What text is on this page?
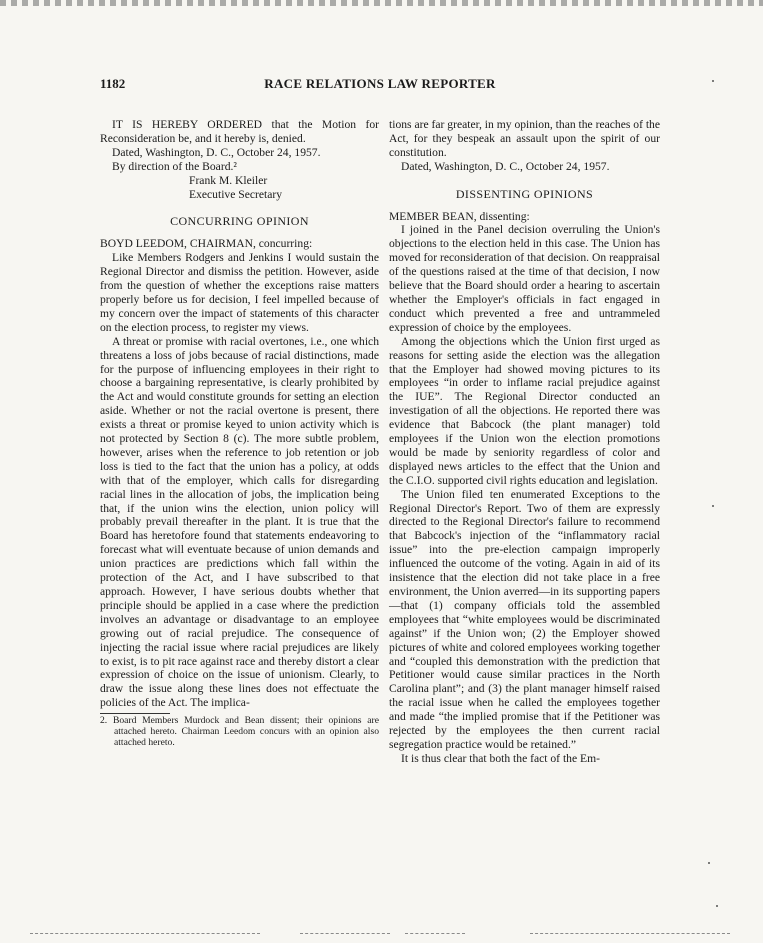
1182	RACE RELATIONS LAW REPORTER

IT IS HEREBY ORDERED that the Motion for Reconsideration be, and it hereby is, denied.

Dated, Washington, D. C., October 24, 1957.

By direction of the Board.²

Frank M. Kleiler

Executive Secretary

CONCURRING OPINION

BOYD LEEDOM, CHAIRMAN, concurring:

Like Members Rodgers and Jenkins I would sustain the Regional Director and dismiss the petition. However, aside from the question of whether the exceptions raise matters properly before us for decision, I feel impelled because of my concern over the impact of statements of this character on the election process, to register my views.

A threat or promise with racial overtones, i.e., one which threatens a loss of jobs because of racial distinctions, made for the purpose of influencing employees in their right to choose a bargaining representative, is clearly prohibited by the Act and would constitute grounds for setting an election aside. Whether or not the racial overtone is present, there exists a threat or promise keyed to union activity which is not protected by Section 8 (c). The more subtle problem, however, arises when the reference to job retention or job loss is tied to the fact that the union has a policy, at odds with that of the employer, which calls for disregarding racial lines in the allocation of jobs, the implication being that, if the union wins the election, union policy will probably prevail thereafter in the plant. It is true that the Board has heretofore found that statements endeavoring to forecast what will eventuate because of union demands and union practices are predictions which fall within the protection of the Act, and I have subscribed to that approach. However, I have serious doubts whether that principle should be applied in a case where the prediction involves an advantage or disadvantage to an employee growing out of racial prejudice. The consequence of injecting the racial issue where racial prejudices are likely to exist, is to pit race against race and thereby distort a clear expression of choice on the issue of unionism. Clearly, to draw the issue along these lines does not effectuate the policies of the Act. The implica-

2. Board Members Murdock and Bean dissent; their opinions are attached hereto. Chairman Leedom concurs with an opinion also attached hereto.

tions are far greater, in my opinion, than the reaches of the Act, for they bespeak an assault upon the spirit of our constitution.

Dated, Washington, D. C., October 24, 1957.

DISSENTING OPINIONS

MEMBER BEAN, dissenting:

I joined in the Panel decision overruling the Union's objections to the election held in this case. The Union has moved for reconsideration of that decision. On reappraisal of the questions raised at the time of that decision, I now believe that the Board should order a hearing to ascertain whether the Employer's officials in fact engaged in conduct which prevented a free and untrammeled expression of choice by the employees.

Among the objections which the Union first urged as reasons for setting aside the election was the allegation that the Employer had showed moving pictures to its employees “in order to inflame racial prejudice against the IUE”. The Regional Director conducted an investigation of all the objections. He reported there was evidence that Babcock (the plant manager) told employees if the Union won the election promotions would be made by seniority regardless of color and displayed news articles to the effect that the Union and the C.I.O. supported civil rights education and legislation.

The Union filed ten enumerated Exceptions to the Regional Director's Report. Two of them are expressly directed to the Regional Director's failure to recommend that Babcock's injection of the “inflammatory racial issue” into the pre-election campaign improperly influenced the outcome of the voting. Again in aid of its insistence that the election did not take place in a free environment, the Union averred—in its supporting papers—that (1) company officials told the assembled employees that “white employees would be discriminated against” if the Union won; (2) the Employer showed pictures of white and colored employees working together and “coupled this demonstration with the prediction that Petitioner would cause similar practices in the North Carolina plant”; and (3) the plant manager himself raised the racial issue when he called the employees together and made “the implied promise that if the Petitioner was rejected by the employees the then current racial segregation practice would be retained.”

It is thus clear that both the fact of the Em-
